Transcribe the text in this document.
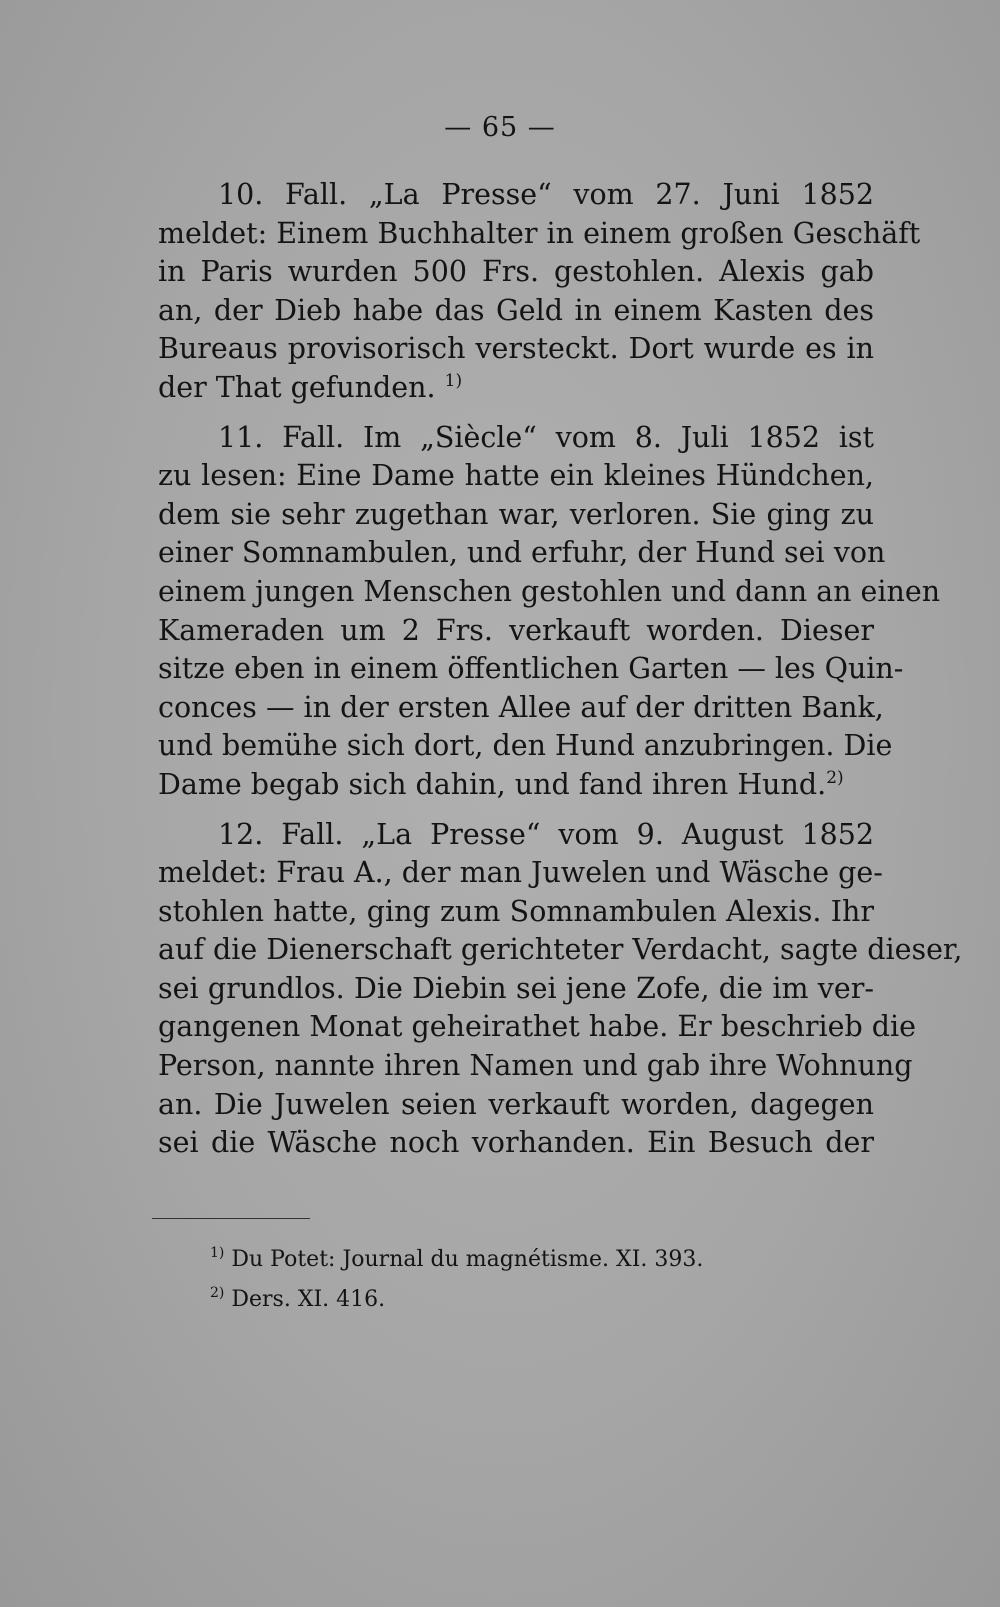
— 65 —

10. Fall. „La Presse“ vom 27. Juni 1852
meldet: Einem Buchhalter in einem großen Geschäft
in Paris wurden 500 Frs. gestohlen. Alexis gab
an, der Dieb habe das Geld in einem Kasten des
Bureaus provisorisch versteckt. Dort wurde es in
der That gefunden. $^{1)}$

11. Fall. Im „Siècle“ vom 8. Juli 1852 ist
zu lesen: Eine Dame hatte ein kleines Hündchen,
dem sie sehr zugethan war, verloren. Sie ging zu
einer Somnambulen, und erfuhr, der Hund sei von
einem jungen Menschen gestohlen und dann an einen
Kameraden um 2 Frs. verkauft worden. Dieser
sitze eben in einem öffentlichen Garten — les Quin-
conces — in der ersten Allee auf der dritten Bank,
und bemühe sich dort, den Hund anzubringen. Die
Dame begab sich dahin, und fand ihren Hund.$^{2)}$

12. Fall. „La Presse“ vom 9. August 1852
meldet: Frau A., der man Juwelen und Wäsche ge-
stohlen hatte, ging zum Somnambulen Alexis. Ihr
auf die Dienerschaft gerichteter Verdacht, sagte dieser,
sei grundlos. Die Diebin sei jene Zofe, die im ver-
gangenen Monat geheirathet habe. Er beschrieb die
Person, nannte ihren Namen und gab ihre Wohnung
an. Die Juwelen seien verkauft worden, dagegen
sei die Wäsche noch vorhanden. Ein Besuch der

$^{1)}$ Du Potet: Journal du magnétisme. XI. 393.
$^{2)}$ Ders. XI. 416.
